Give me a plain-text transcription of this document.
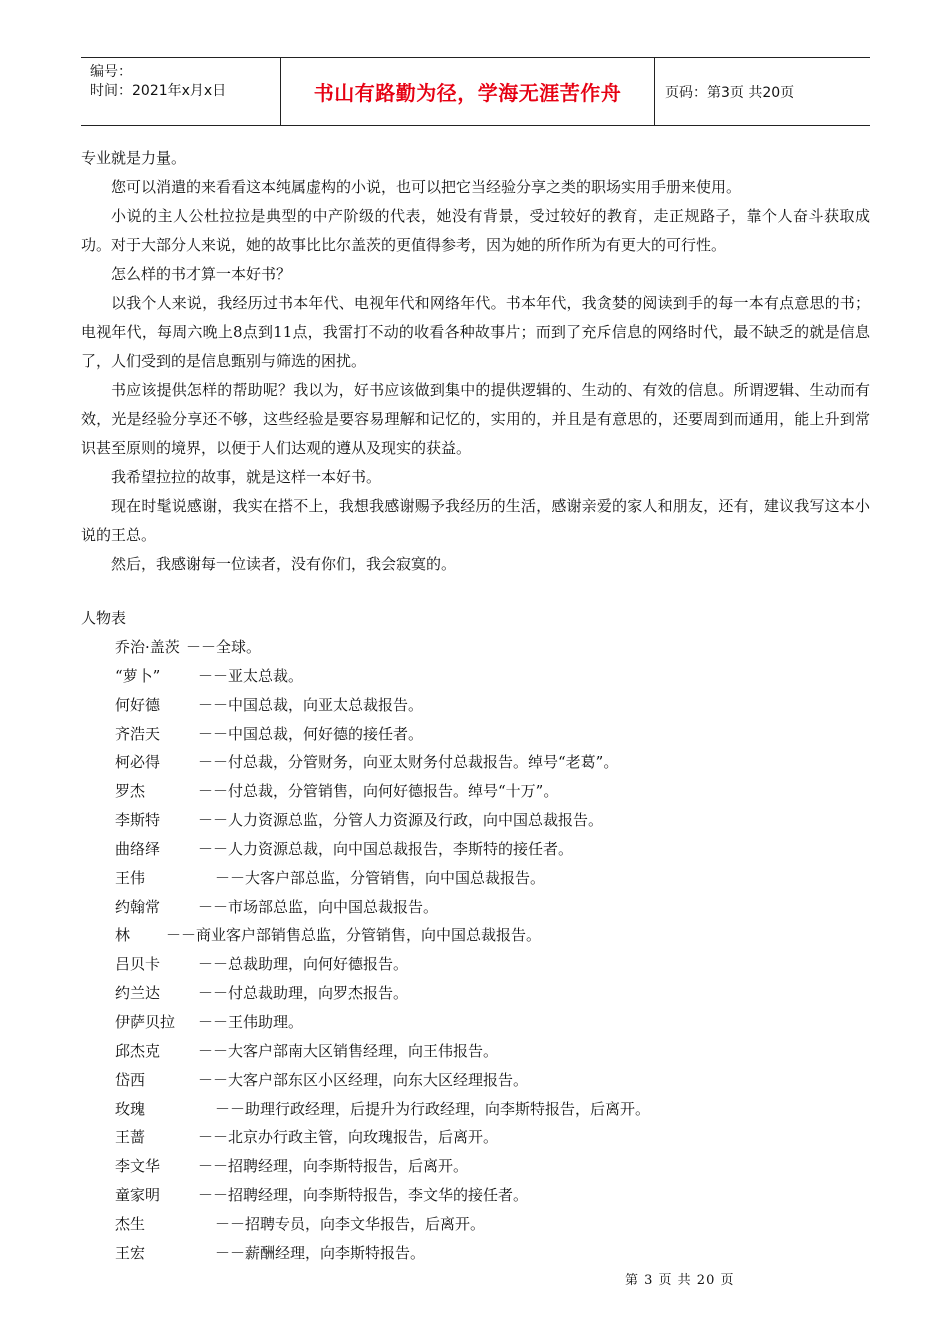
编号：
时间：2021年x月x日	书山有路勤为径，学海无涯苦作舟	页码：第3页 共20页

专业就是力量。

您可以消遣的来看看这本纯属虚构的小说，也可以把它当经验分享之类的职场实用手册来使用。

小说的主人公杜拉拉是典型的中产阶级的代表，她没有背景，受过较好的教育，走正规路子，靠个人奋斗获取成功。对于大部分人来说，她的故事比比尔盖茨的更值得参考，因为她的所作所为有更大的可行性。

怎么样的书才算一本好书？

以我个人来说，我经历过书本年代、电视年代和网络年代。书本年代，我贪婪的阅读到手的每一本有点意思的书；电视年代，每周六晚上8点到11点，我雷打不动的收看各种故事片；而到了充斥信息的网络时代，最不缺乏的就是信息了，人们受到的是信息甄别与筛选的困扰。

书应该提供怎样的帮助呢？我以为，好书应该做到集中的提供逻辑的、生动的、有效的信息。所谓逻辑、生动而有效，光是经验分享还不够，这些经验是要容易理解和记忆的，实用的，并且是有意思的，还要周到而通用，能上升到常识甚至原则的境界，以便于人们达观的遵从及现实的获益。

我希望拉拉的故事，就是这样一本好书。

现在时髦说感谢，我实在搭不上，我想我感谢赐予我经历的生活，感谢亲爱的家人和朋友，还有，建议我写这本小说的王总。

然后，我感谢每一位读者，没有你们，我会寂寞的。

人物表
乔治·盖茨 －－全球。
“萝卜”	－－亚太总裁。
何好德	－－中国总裁，向亚太总裁报告。
齐浩天	－－中国总裁，何好德的接任者。
柯必得	－－付总裁，分管财务，向亚太财务付总裁报告。绰号“老葛”。
罗杰	－－付总裁，分管销售，向何好德报告。绰号“十万”。
李斯特	－－人力资源总监，分管人力资源及行政，向中国总裁报告。
曲络绎	－－人力资源总裁，向中国总裁报告，李斯特的接任者。
王伟	－－大客户部总监，分管销售，向中国总裁报告。
约翰常	－－市场部总监，向中国总裁报告。
林 －－商业客户部销售总监，分管销售，向中国总裁报告。
吕贝卡	－－总裁助理，向何好德报告。
约兰达	－－付总裁助理，向罗杰报告。
伊萨贝拉 －－王伟助理。
邱杰克	－－大客户部南大区销售经理，向王伟报告。
岱西	－－大客户部东区小区经理，向东大区经理报告。
玫瑰	－－助理行政经理，后提升为行政经理，向李斯特报告，后离开。
王蔷	－－北京办行政主管，向玫瑰报告，后离开。
李文华	－－招聘经理，向李斯特报告，后离开。
童家明	－－招聘经理，向李斯特报告，李文华的接任者。
杰生	－－招聘专员，向李文华报告，后离开。
王宏	－－薪酬经理，向李斯特报告。
第 3 页 共 20 页
